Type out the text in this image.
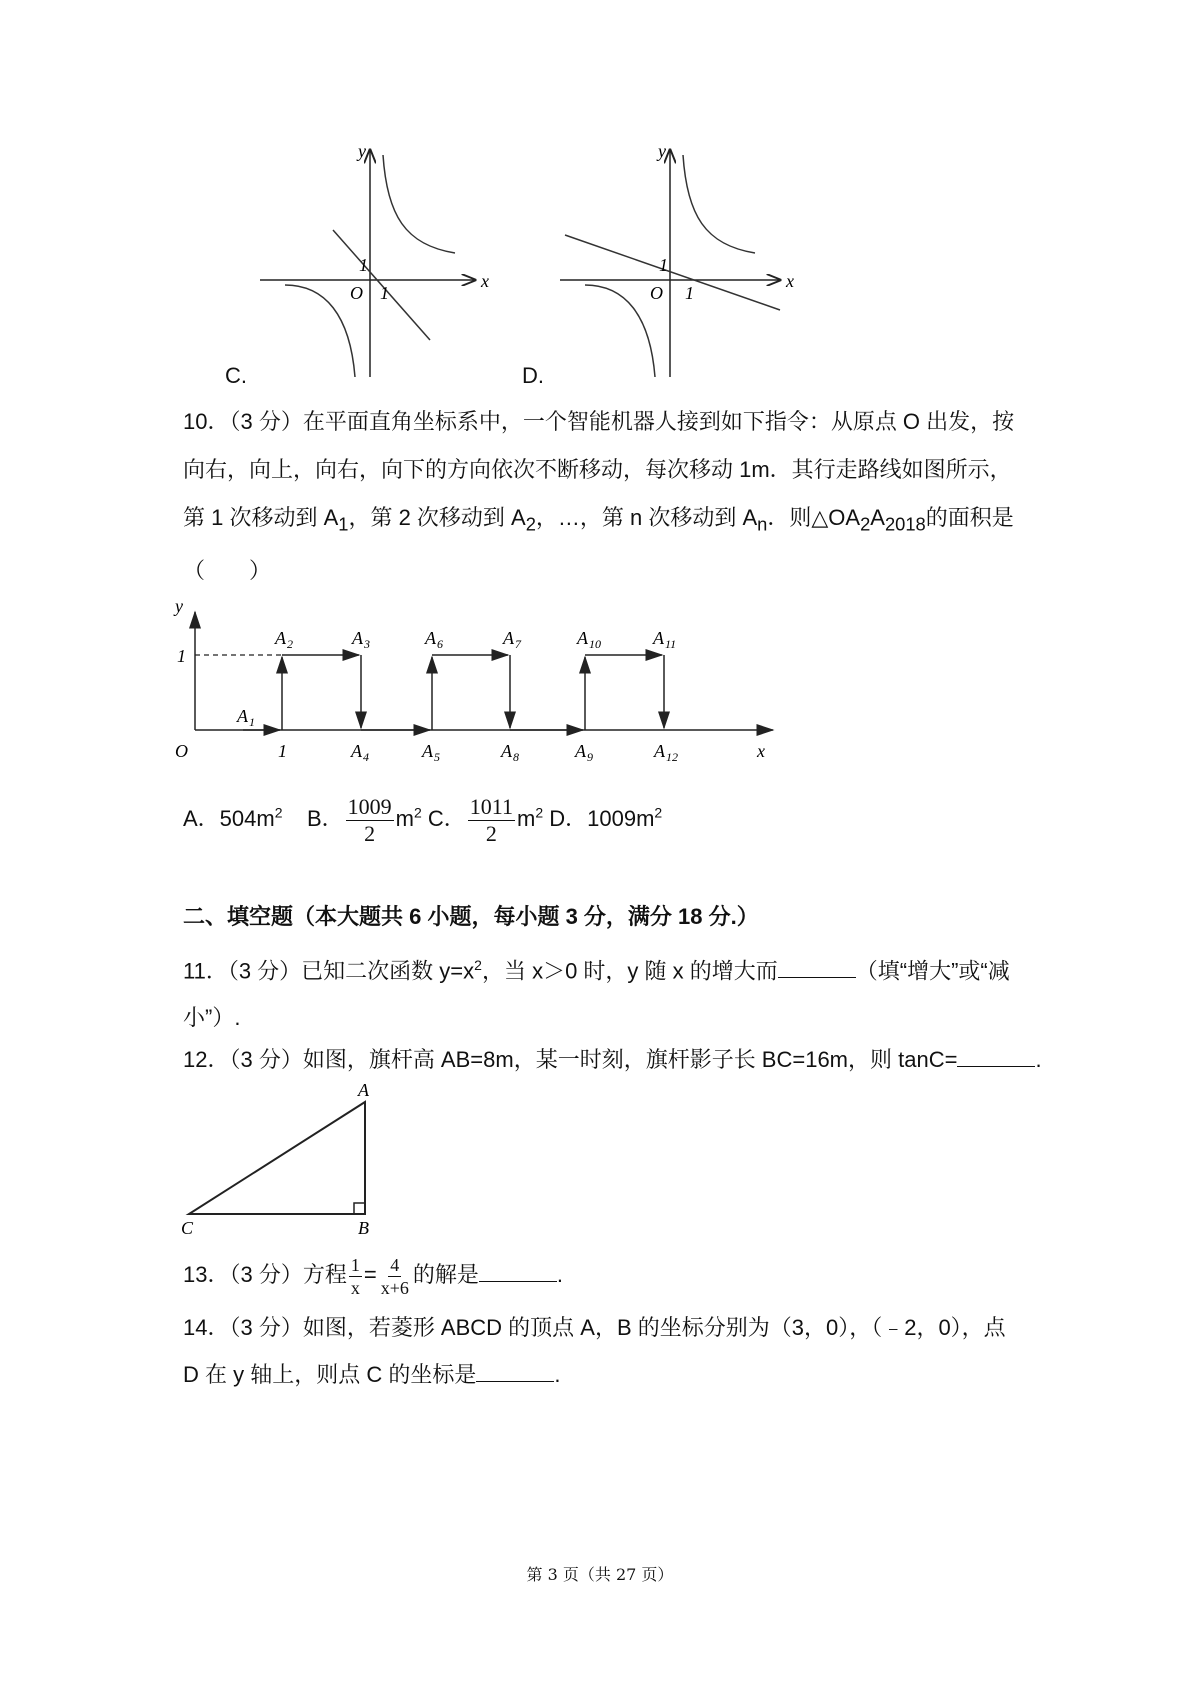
y
x
O
1
1
C.
y
x
O
1
1
D.
10．（3 分）在平面直角坐标系中，一个智能机器人接到如下指令：从原点 O 出发，按向右，向上，向右，向下的方向依次不断移动，每次移动 1m．其行走路线如图所示，第 1 次移动到 $A_1$，第 2 次移动到 $A_2$，…，第 n 次移动到 $A_n$．则$\triangle OA_2A_{2018}$的面积是（　　）
y
x
O
1
1
A 1
A 2	A 3
A 4	A 5
A 6	A 7
A 8	A 9
A 10	A 11
A 12
A．$504m^2$ B． $\frac{1009}{2} m^2$ C． $\frac{1011}{2} m^2$ D．$1009m^2$
二、填空题（本大题共 6 小题，每小题 3 分，满分 18 分.）
11．（3 分）已知二次函数 $y=x^2$，当 x＞0 时，y 随 x 的增大而	（填“增大”或“减小”）.
12．（3 分）如图，旗杆高 AB=8m，某一时刻，旗杆影子长 BC=16m，则 tanC=	.
A
B
C
13．（3 分）方程 $\frac{1}{x} = \frac{4}{x+6}$ 的解是	.
14．（3 分）如图，若菱形 ABCD 的顶点 A，B 的坐标分别为（3，0），（﹣2，0），点 D 在 y 轴上，则点 C 的坐标是	.
第 3 页（共 27 页）
